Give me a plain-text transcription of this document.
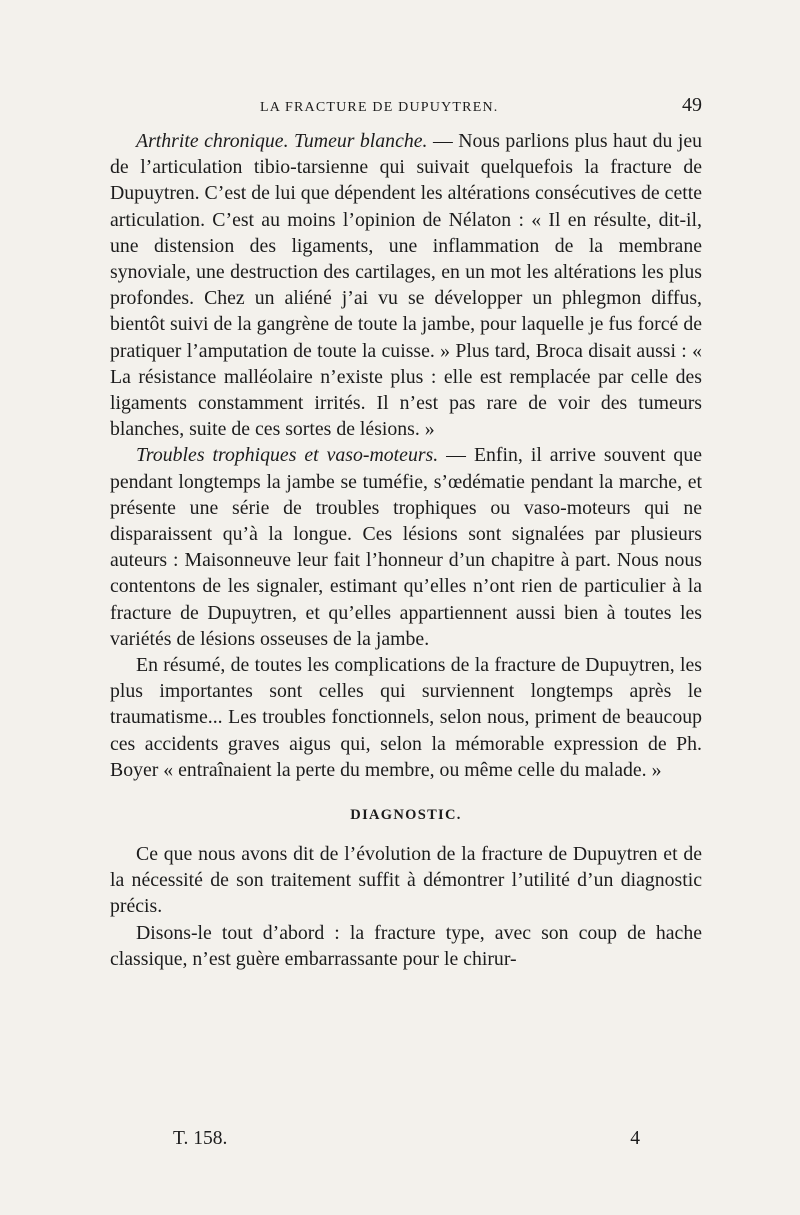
LA FRACTURE DE DUPUYTREN.	49

Arthrite chronique. Tumeur blanche. — Nous parlions plus haut du jeu de l’articulation tibio-tarsienne qui suivait quelquefois la fracture de Dupuytren. C’est de lui que dépendent les altérations consécutives de cette articulation. C’est au moins l’opinion de Nélaton : « Il en résulte, dit-il, une distension des ligaments, une inflammation de la membrane synoviale, une destruction des cartilages, en un mot les altérations les plus profondes. Chez un aliéné j’ai vu se développer un phlegmon diffus, bientôt suivi de la gangrène de toute la jambe, pour laquelle je fus forcé de pratiquer l’amputation de toute la cuisse. » Plus tard, Broca disait aussi : « La résistance malléolaire n’existe plus : elle est remplacée par celle des ligaments constamment irrités. Il n’est pas rare de voir des tumeurs blanches, suite de ces sortes de lésions. »

Troubles trophiques et vaso-moteurs. — Enfin, il arrive souvent que pendant longtemps la jambe se tuméfie, s’œdématie pendant la marche, et présente une série de troubles trophiques ou vaso-moteurs qui ne disparaissent qu’à la longue. Ces lésions sont signalées par plusieurs auteurs : Maisonneuve leur fait l’honneur d’un chapitre à part. Nous nous contentons de les signaler, estimant qu’elles n’ont rien de particulier à la fracture de Dupuytren, et qu’elles appartiennent aussi bien à toutes les variétés de lésions osseuses de la jambe.

En résumé, de toutes les complications de la fracture de Dupuytren, les plus importantes sont celles qui surviennent longtemps après le traumatisme... Les troubles fonctionnels, selon nous, priment de beaucoup ces accidents graves aigus qui, selon la mémorable expression de Ph. Boyer « entraînaient la perte du membre, ou même celle du malade. »

DIAGNOSTIC.

Ce que nous avons dit de l’évolution de la fracture de Dupuytren et de la nécessité de son traitement suffit à démontrer l’utilité d’un diagnostic précis.

Disons-le tout d’abord : la fracture type, avec son coup de hache classique, n’est guère embarrassante pour le chirur-

T. 158.	4
